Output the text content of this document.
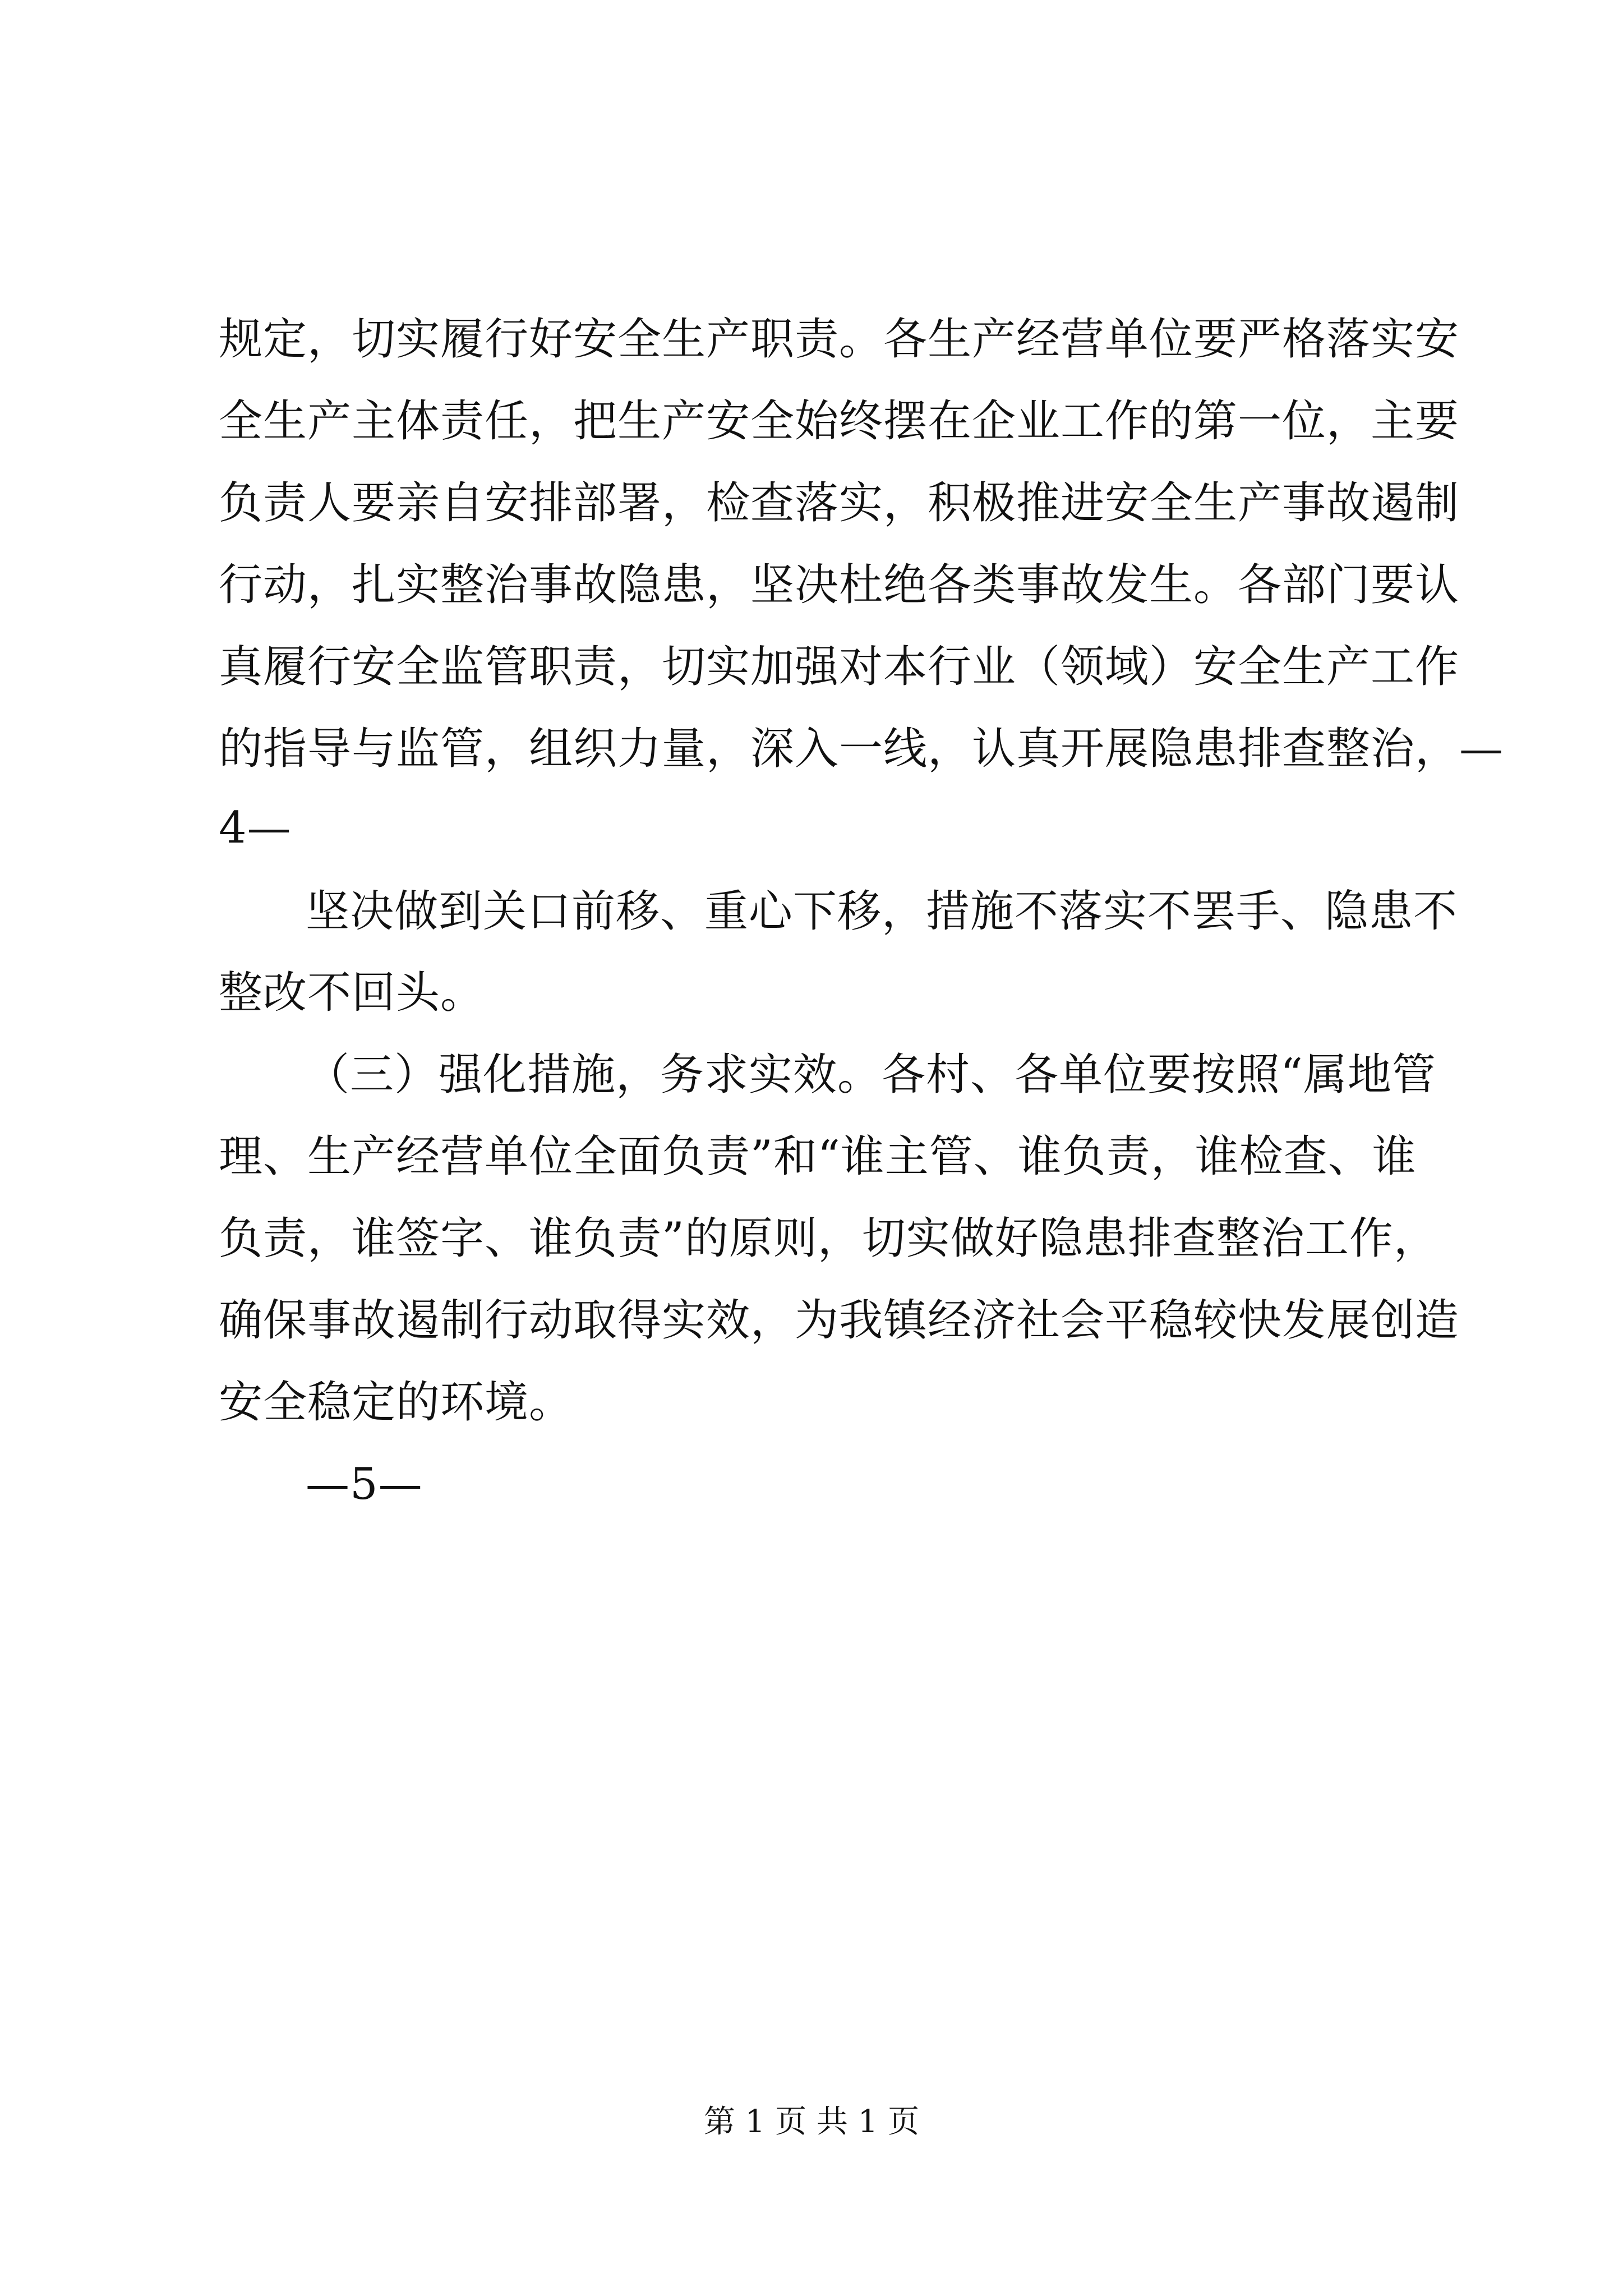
规定，切实履行好安全生产职责。各生产经营单位要严格落实安
全生产主体责任，把生产安全始终摆在企业工作的第一位，主要
负责人要亲自安排部署，检查落实，积极推进安全生产事故遏制
行动，扎实整治事故隐患，坚决杜绝各类事故发生。各部门要认
真履行安全监管职责，切实加强对本行业（领域）安全生产工作
的指导与监管，组织力量，深入一线，认真开展隐患排查整治，—
4—
坚决做到关口前移、重心下移，措施不落实不罢手、隐患不
整改不回头。
（三）强化措施，务求实效。各村、各单位要按照“属地管
理、生产经营单位全面负责”和“谁主管、谁负责，谁检查、谁
负责，谁签字、谁负责”的原则，切实做好隐患排查整治工作，
确保事故遏制行动取得实效，为我镇经济社会平稳较快发展创造
安全稳定的环境。
—5—
第 1 页 共 1 页
